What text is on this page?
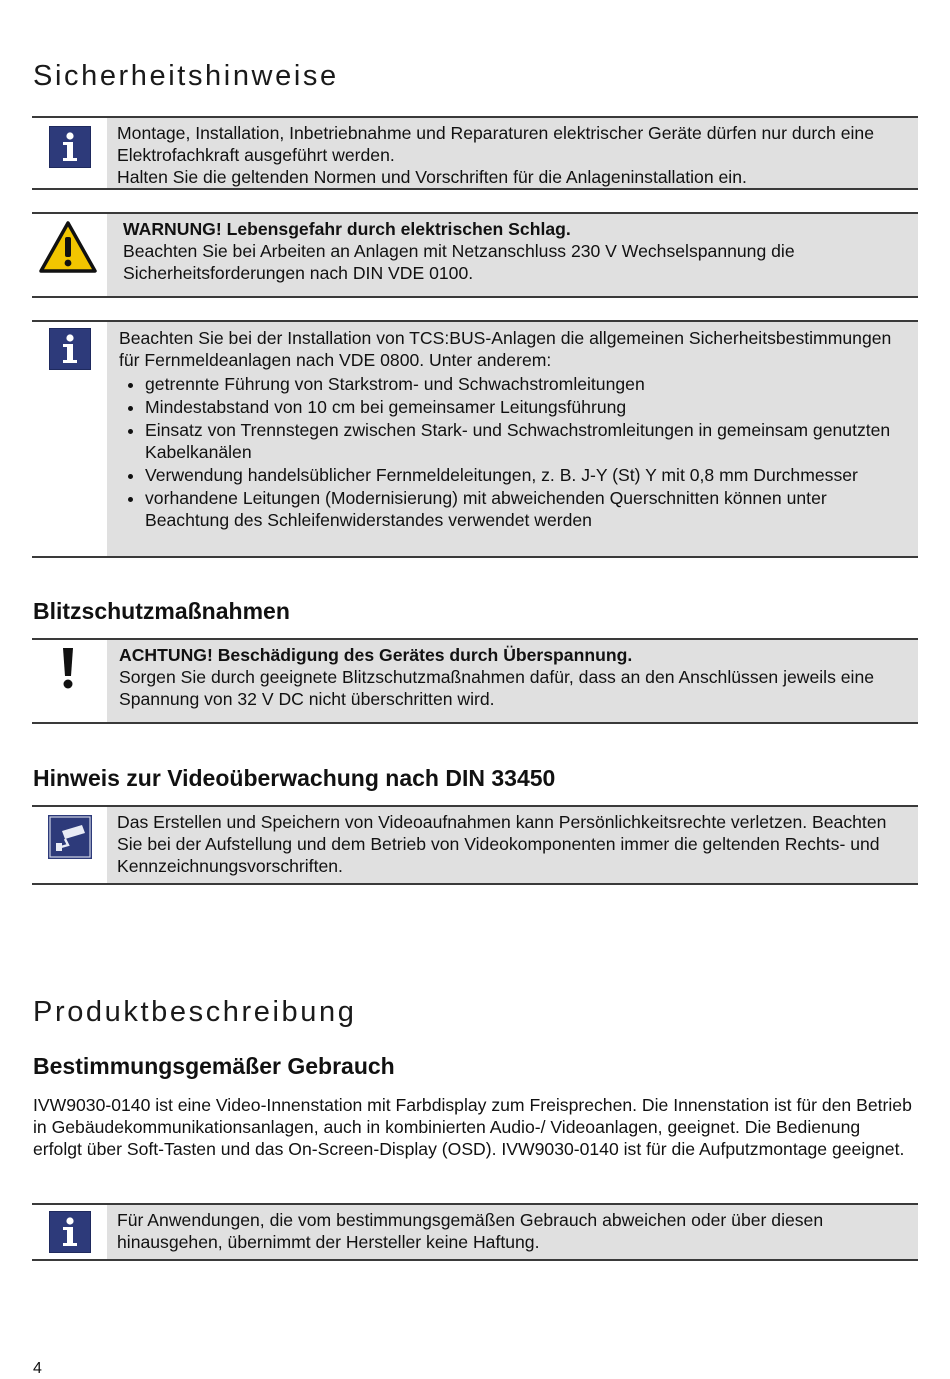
Sicherheitshinweise

Montage, Installation, Inbetriebnahme und Reparaturen elektrischer Geräte dürfen nur durch eine Elektrofachkraft ausgeführt werden.

Halten Sie die geltenden Normen und Vorschriften für die Anlageninstallation ein.

WARNUNG! Lebensgefahr durch elektrischen Schlag.

Beachten Sie bei Arbeiten an Anlagen mit Netzanschluss 230 V Wechselspannung die Sicherheitsforderungen nach DIN VDE 0100.

Beachten Sie bei der Installation von TCS:BUS-Anlagen die allgemeinen Sicherheitsbestimmungen für Fernmeldeanlagen nach VDE 0800. Unter anderem:

• getrennte Führung von Starkstrom- und Schwachstromleitungen
• Mindestabstand von 10 cm bei gemeinsamer Leitungsführung
• Einsatz von Trennstegen zwischen Stark- und Schwachstromleitungen in gemeinsam genutzten Kabelkanälen
• Verwendung handelsüblicher Fernmeldeleitungen, z. B. J-Y (St) Y mit 0,8 mm Durchmesser
• vorhandene Leitungen (Modernisierung) mit abweichenden Querschnitten können unter Beachtung des Schleifenwiderstandes verwendet werden
Blitzschutzmaßnahmen

ACHTUNG! Beschädigung des Gerätes durch Überspannung.

Sorgen Sie durch geeignete Blitzschutzmaßnahmen dafür, dass an den Anschlüssen jeweils eine Spannung von 32 V DC nicht überschritten wird.

Hinweis zur Videoüberwachung nach DIN 33450

Das Erstellen und Speichern von Videoaufnahmen kann Persönlichkeitsrechte verletzen. Beachten Sie bei der Aufstellung und dem Betrieb von Videokomponenten immer die geltenden Rechts- und Kennzeichnungsvorschriften.

Produktbeschreibung
Bestimmungsgemäßer Gebrauch

IVW9030-0140 ist eine Video-Innenstation mit Farbdisplay zum Freisprechen. Die Innenstation ist für den Betrieb in Gebäudekommunikationsanlagen, auch in kombinierten Audio-/ Videoanlagen, geeignet. Die Bedienung erfolgt über Soft-Tasten und das On-Screen-Display (OSD). IVW9030-0140 ist für die Aufputzmontage geeignet.

Für Anwendungen, die vom bestimmungsgemäßen Gebrauch abweichen oder über diesen hinausgehen, übernimmt der Hersteller keine Haftung.

4
